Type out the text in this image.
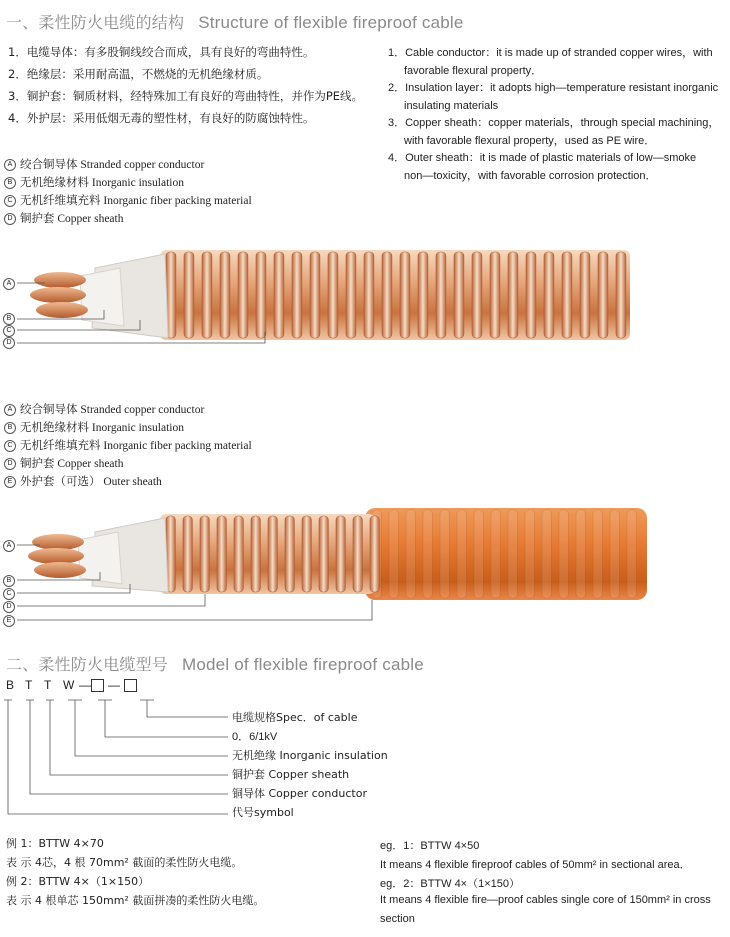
一、柔性防火电缆的结构 Structure of flexible fireproof cable
1．电缆导体：有多股铜线绞合而成，具有良好的弯曲特性。
2．绝缘层：采用耐高温，不燃烧的无机绝缘材质。
3．铜护套：铜质材料，经特殊加工有良好的弯曲特性，并作为PE线。
4．外护层：采用低烟无毒的塑性材，有良好的防腐蚀特性。
1．Cable conductor：it is made up of stranded copper wires，with
favorable flexural property．
2．Insulation layer：it adopts high—temperature resistant inorganic
insulating materials
3．Copper sheath：copper materials，through special machining，
with favorable flexural property，used as PE wire．
4．Outer sheath：it is made of plastic materials of low—smoke
non—toxicity，with favorable corrosion protection．
A 绞合铜导体 Stranded copper conductor
B 无机绝缘材料 Inorganic insulation
C 无机纤维填充料 Inorganic fiber packing material
D 铜护套 Copper sheath
A
B
C
D
A 绞合铜导体 Stranded copper conductor
B 无机绝缘材料 Inorganic insulation
C 无机纤维填充料 Inorganic fiber packing material
D 铜护套 Copper sheath
E 外护套（可选） Outer sheath
A
B
C
D
E
二、柔性防火电缆型号 Model of flexible fireproof cable
B T T W — —
电缆规格Spec．of cable
0．6/1kV
无机绝缘 Inorganic insulation
铜护套 Copper sheath
铜导体 Copper conductor
代号symbol
例 1：BTTW 4×70
表 示 4芯，4 根 70mm² 截面的柔性防火电缆。
例 2：BTTW 4×（1×150）
表 示 4 根单芯 150mm² 截面拼凑的柔性防火电缆。
eg．1：BTTW 4×50
It means 4 flexible fireproof cables of 50mm² in sectional area．
eg．2：BTTW 4×（1×150）
It means 4 flexible fire—proof cables single core of 150mm² in cross
section
